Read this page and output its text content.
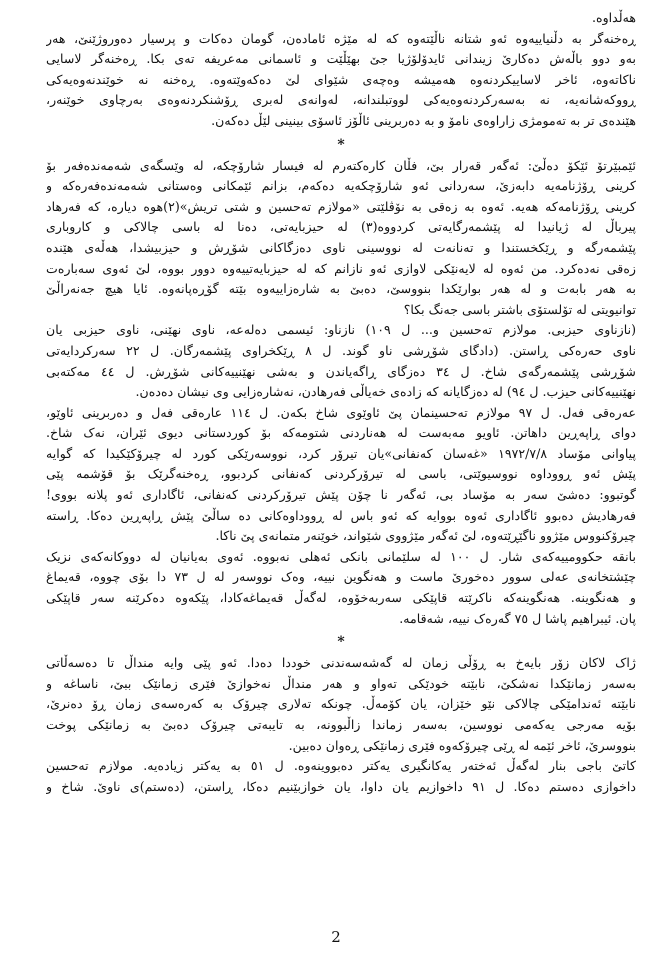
هەڵداوە.
ڕەخنەگر بە دڵنیاییەوە ئەو شتانە ناڵێتەوە کە لە مێژە ئامادەن، گومان دەکات و پرسیار دەوروژێنێ، هەر
بەو دوو باڵەش دەکارێ زیندانی ئایدۆلۆژیا جێ بهێڵێت و ئاسمانی مەعریفە تەی بکا. ڕەخنەگر لاسایی
ناکاتەوە، ئاخر لاساییکردنەوە هەمیشە وەچەی شێوای لێ دەکەوێتەوە. ڕەخنە نە خوێندنەوەیەکی
ڕووکەشانەیە، نە بەسەرکردنەوەیەکی لووتبلندانە، لەوانەی لەبری ڕۆشنکردنەوەی بەرچاوی خوێنەر،
هێندەی تر بە تەمومژی زاراوەی نامۆ و بە دەربرینی ئاڵۆز ئاسۆی بینینی لێڵ دەکەن.

*

ئێمبێرتۆ ئێکۆ دەڵێ: ئەگەر قەرار بێ، فڵان کارەکتەرم لە فیسار شارۆچکە، لە وێسگەی شەمەندەفەر بۆ
کرینی ڕۆژنامەیە دابەزێ، سەردانی ئەو شارۆچکەیە دەکەم، بزانم ئێمکانی وەستانی شەمەندەفەرەکە و
کرینی ڕۆژنامەکە هەیە. ئەوە بە زەقی بە نۆڤلێتی «مولازم تەحسین و شتی تریش»(٢)هوە دیارە، کە فەرهاد
پیرباڵ لە ژیانیدا لە پێشمەرگایەتی کردووە(٣) لە حیزبایەتی، دەنا لە باسی چالاکی و کاروباری
پێشمەرگە و ڕێکخستندا و تەنانەت لە نووسینی ناوی دەزگاکانی شۆڕش و حیزبیشدا، هەڵەی هێندە
زەقی نەدەکرد. من ئەوە لە لایەنێکی لاوازی ئەو نازانم کە لە حیزبایەتییەوە دوور بووە، لێ ئەوی سەبارەت
بە هەر بابەت و لە هەر بوارێکدا بنووسێ، دەبێ بە شارەزاییەوە بێتە گۆڕەپانەوە. ئایا هیچ جەنەراڵێ
توانیویتی لە تۆلستۆی باشتر باسی جەنگ بکا؟

(نازناوی حیزبی. مولازم تەحسین و... ل ١٠٩) نازناو: ئیسمی دەلەعە، ناوی نهێنی، ناوی حیزبی یان
ناوی حەرەکی ڕاستن. (دادگای شۆڕشی ناو گوند. ل ٨ ڕێکخراوی پێشمەرگان. ل ٢٢ سەرکردایەتی
شۆڕشی پێشمەرگەی شاخ. ل ٣٤ دەزگای ڕاگەیاندن و بەشی نهێنییەکانی شۆڕش. ل ٤٤ مەکتەبی
نهێنییەکانی حیزب. ل ٩٤) لە دەزگایانە کە زادەی خەیاڵی فەرهادن، نەشارەزایی وی نیشان دەدەن.

عەرەقی فەل. ل ٩٧ مولازم تەحسینمان پێ ئاوێوی شاخ بکەن. ل ١١٤ عارەقی فەل و دەربرینی ئاوێو،
دوای ڕاپەڕین داهاتن. ئاویو مەبەست لە هەناردنی شتومەکە بۆ کوردستانی دیوی ئێران، نەک شاخ.
پیاوانی مۆساد ١٩٧٢/٧/٨ «غەسان کەنفانی»یان تیرۆر کرد، نووسەرێکی کورد لە چیرۆکێکیدا کە گوایە
پێش ئەو ڕووداوە نووسیوێتی، باسی لە تیرۆرکردنی کەنفانی کردبوو، ڕەخنەگرێک بۆ قۆشمە پێی
گوتبوو: دەشێ سەر بە مۆساد بی، ئەگەر نا چۆن پێش تیرۆرکردنی کەنفانی، ئاگاداری ئەو پلانە بووی!
فەرهادیش دەبوو ئاگاداری ئەوە بووایە کە ئەو باس لە ڕووداوەکانی ده ساڵێ پێش ڕاپەڕین دەکا. ڕاستە
چیرۆکنووس مێژوو ناگێڕێتەوە، لێ ئەگەر مێژووی شێواند، خوێنەر متمانەی پێ ناکا.

بانقە حکوومییەکەی شار. ل ١٠٠ لە سلێمانی بانکی ئەهلی نەبووە. ئەوی بەیانیان لە دووکانەکەی نزیک
چێشتخانەی عەلی سوور دەخورێ ماست و هەنگوین نییە، وەک نووسەر لە ل ٧٣ دا بۆی چووە، قەیماغ
و هەنگوینە. هەنگوینەکە ناکرێتە قاپێکی سەربەخۆوە، لەگەڵ قەیماغەکادا، پێکەوە دەکرێنە سەر قاپێکی
پان. ئیبراهیم پاشا ل ٧٥ گەرەک نییە، شەقامە.

*

ژاک لاکان زۆر بایەخ بە ڕۆڵی زمان لە گەشەسەندنی خوددا دەدا. ئەو پێی وایە منداڵ تا دەسەڵاتی
بەسەر زمانێکدا نەشکێ، نابێتە خودێکی تەواو و هەر منداڵ نەخوازێ فێری زمانێک ببێ، ناساغە و
نابێتە ئەندامێکی چالاکی نێو خێزان، یان کۆمەڵ. چونکە تەلاری چیرۆک بە کەرەسەی زمان ڕۆ دەنرێ،
بۆیە مەرجی یەکەمی نووسین، بەسەر زماندا زاڵبوونە، بە تایبەتی چیرۆک دەبێ بە زمانێکی پوخت
بنووسرێ، ئاخر ئێمە لە ڕێی چیرۆکەوە فێری زمانێکی ڕەوان دەبین.

کاتێ باجی بنار لەگەڵ ئەختەر یەکانگیری یەکتر دەبووینەوە. ل ٥١ بە یەکتر زیادەیە. مولازم تەحسین
داخوازی دەستم دەکا. ل ٩١ داخوازیم یان داوا، یان خوازبێنیم دەکا، ڕاستن، (دەستم)ی ناوێ. شاخ و

2
